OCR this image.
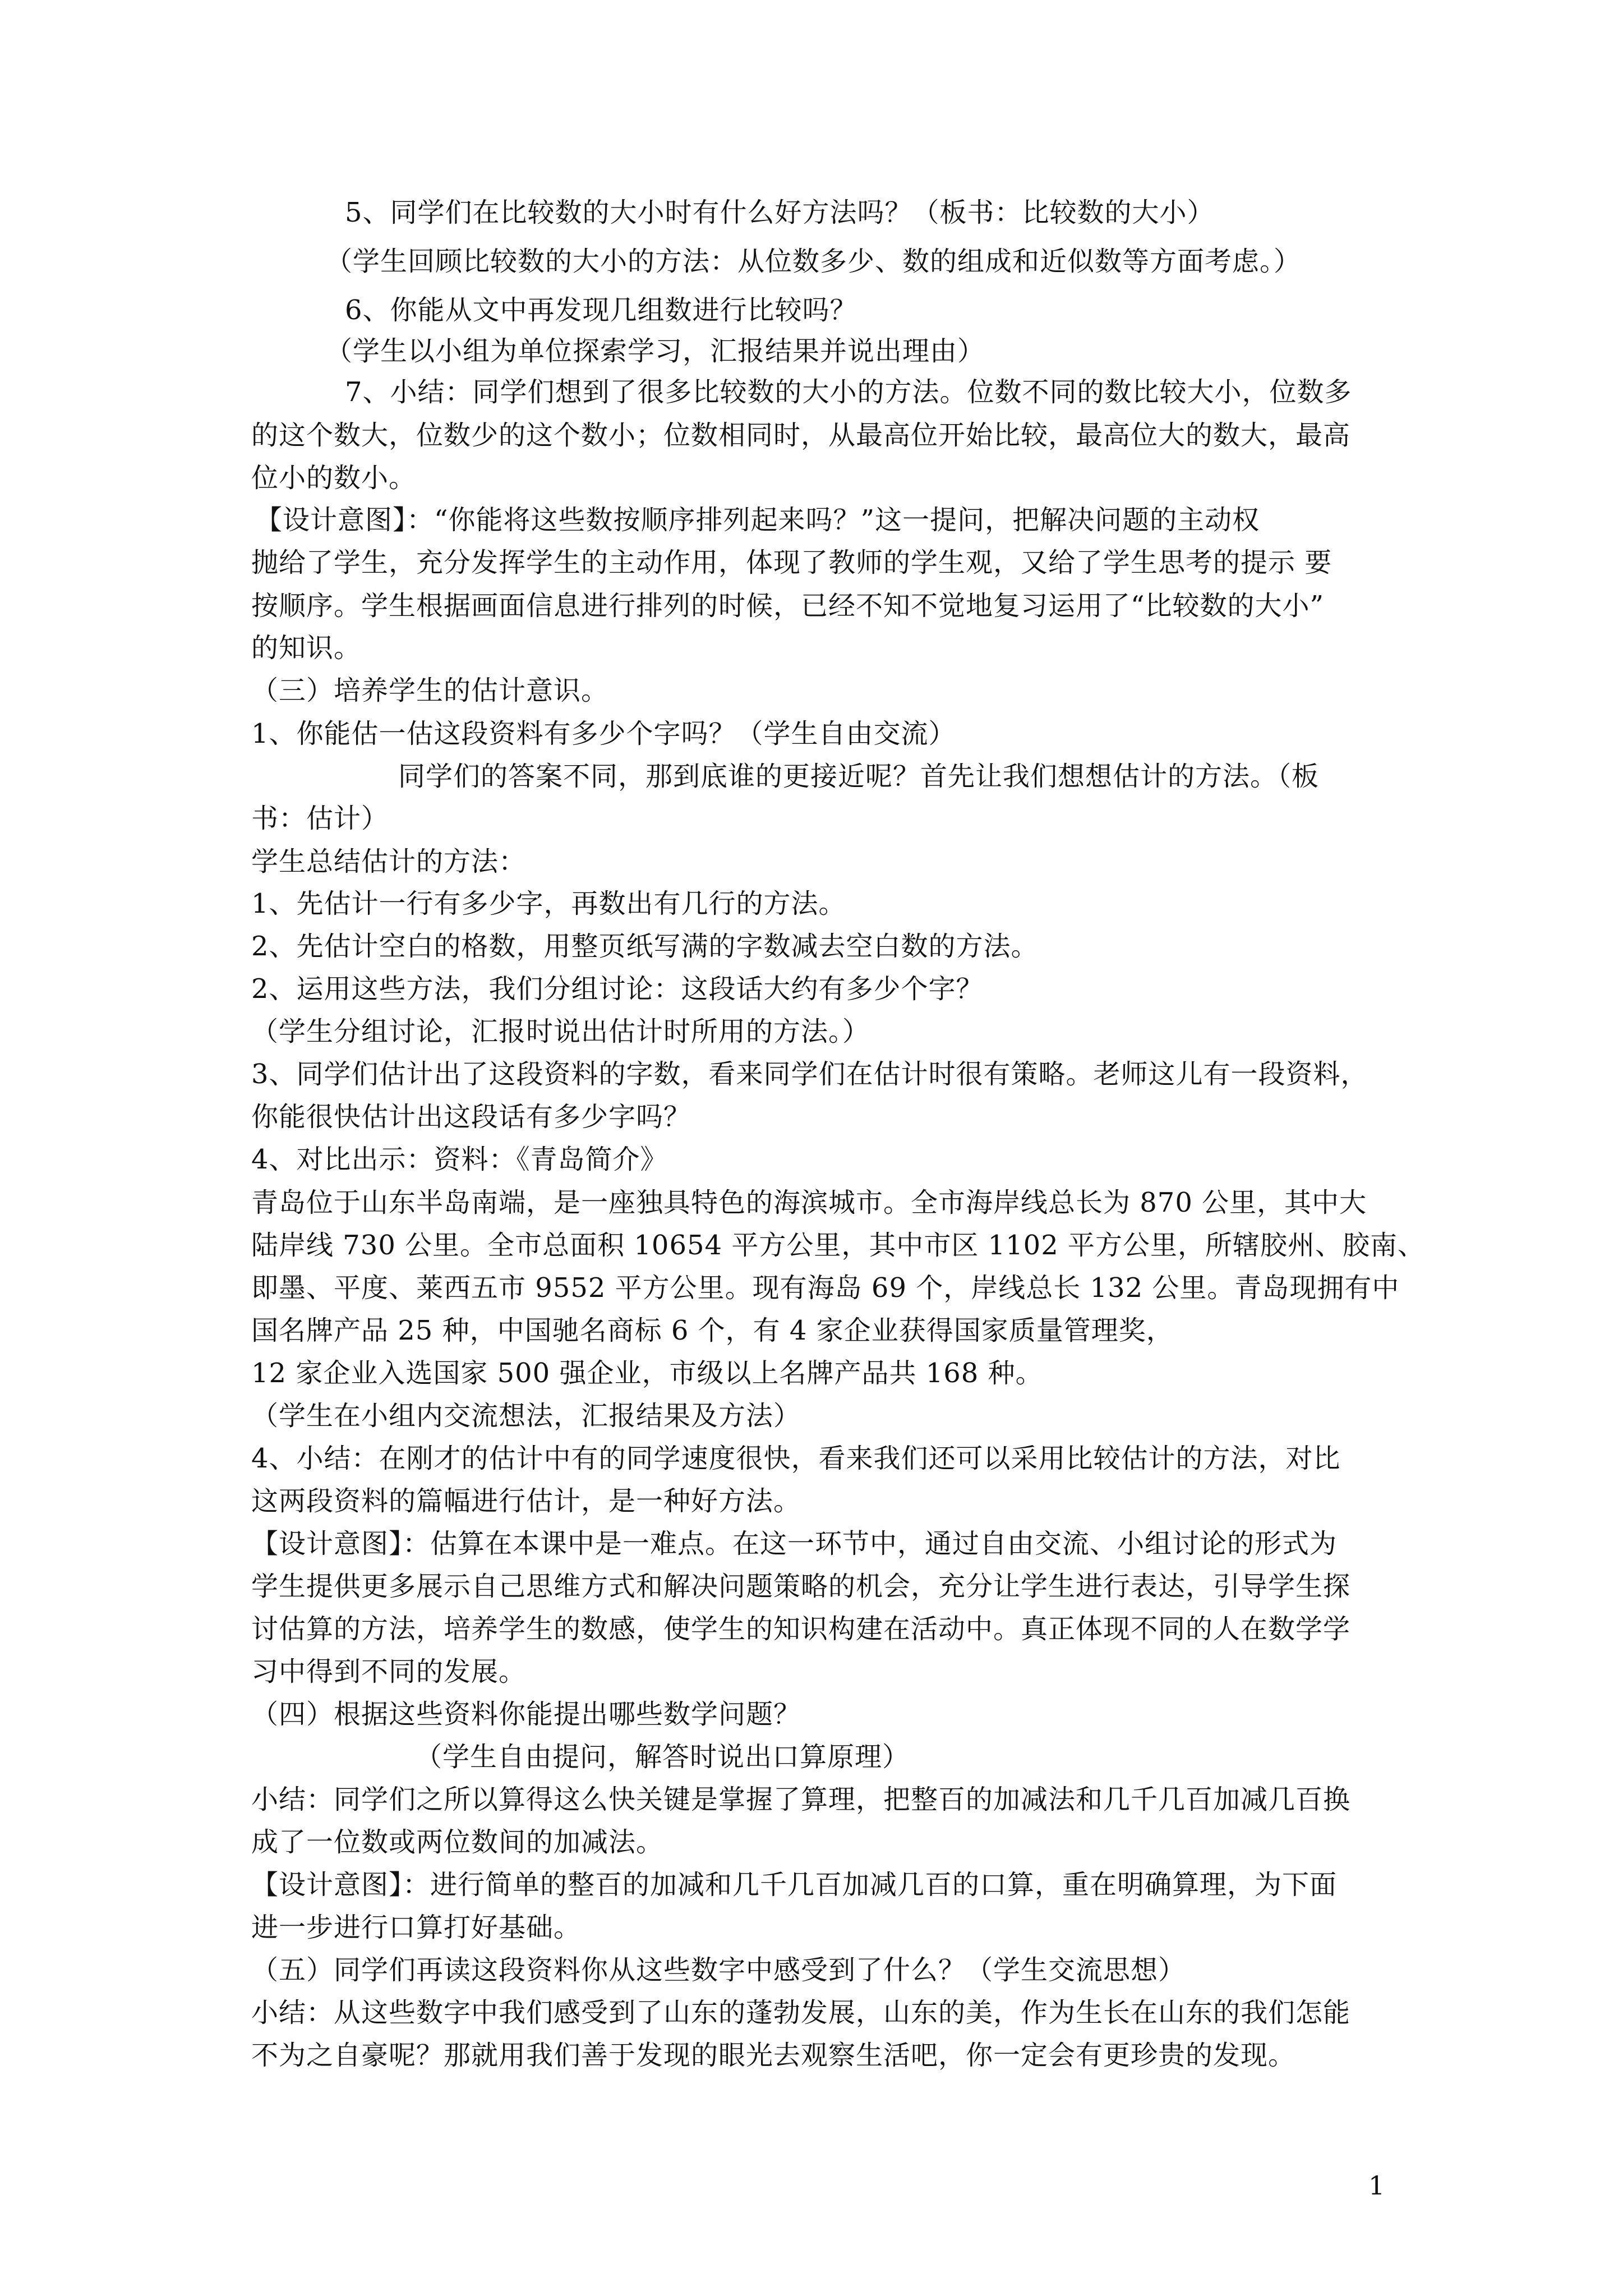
5、同学们在比较数的大小时有什么好方法吗？（板书：比较数的大小）
（学生回顾比较数的大小的方法：从位数多少、数的组成和近似数等方面考虑。）
6、你能从文中再发现几组数进行比较吗？
（学生以小组为单位探索学习，汇报结果并说出理由）
7、小结：同学们想到了很多比较数的大小的方法。位数不同的数比较大小，位数多
的这个数大，位数少的这个数小；位数相同时，从最高位开始比较，最高位大的数大，最高
位小的数小。
【设计意图】：“你能将这些数按顺序排列起来吗？”这一提问，把解决问题的主动权
抛给了学生，充分发挥学生的主动作用，体现了教师的学生观，又给了学生思考的提示 要
按顺序。学生根据画面信息进行排列的时候，已经不知不觉地复习运用了“比较数的大小”
的知识。
（三）培养学生的估计意识。
1、你能估一估这段资料有多少个字吗？（学生自由交流）
同学们的答案不同，那到底谁的更接近呢？首先让我们想想估计的方法。（板
书：估计）
学生总结估计的方法：
1、先估计一行有多少字，再数出有几行的方法。
2、先估计空白的格数，用整页纸写满的字数减去空白数的方法。
2、运用这些方法，我们分组讨论：这段话大约有多少个字？
（学生分组讨论，汇报时说出估计时所用的方法。）
3、同学们估计出了这段资料的字数，看来同学们在估计时很有策略。老师这儿有一段资料，
你能很快估计出这段话有多少字吗？
4、对比出示：资料：《青岛简介》
青岛位于山东半岛南端，是一座独具特色的海滨城市。全市海岸线总长为 870 公里，其中大
陆岸线 730 公里。全市总面积 10654 平方公里，其中市区 1102 平方公里，所辖胶州、胶南、
即墨、平度、莱西五市 9552 平方公里。现有海岛 69 个，岸线总长 132 公里。青岛现拥有中
国名牌产品 25 种，中国驰名商标 6 个，有 4 家企业获得国家质量管理奖，
12 家企业入选国家 500 强企业，市级以上名牌产品共 168 种。
（学生在小组内交流想法，汇报结果及方法）
4、小结：在刚才的估计中有的同学速度很快，看来我们还可以采用比较估计的方法，对比
这两段资料的篇幅进行估计，是一种好方法。
【设计意图】：估算在本课中是一难点。在这一环节中，通过自由交流、小组讨论的形式为
学生提供更多展示自己思维方式和解决问题策略的机会，充分让学生进行表达，引导学生探
讨估算的方法，培养学生的数感，使学生的知识构建在活动中。真正体现不同的人在数学学
习中得到不同的发展。
（四）根据这些资料你能提出哪些数学问题？
（学生自由提问，解答时说出口算原理）
小结：同学们之所以算得这么快关键是掌握了算理，把整百的加减法和几千几百加减几百换
成了一位数或两位数间的加减法。
【设计意图】：进行简单的整百的加减和几千几百加减几百的口算，重在明确算理，为下面
进一步进行口算打好基础。
（五）同学们再读这段资料你从这些数字中感受到了什么？（学生交流思想）
小结：从这些数字中我们感受到了山东的蓬勃发展，山东的美，作为生长在山东的我们怎能
不为之自豪呢？那就用我们善于发现的眼光去观察生活吧，你一定会有更珍贵的发现。
1
